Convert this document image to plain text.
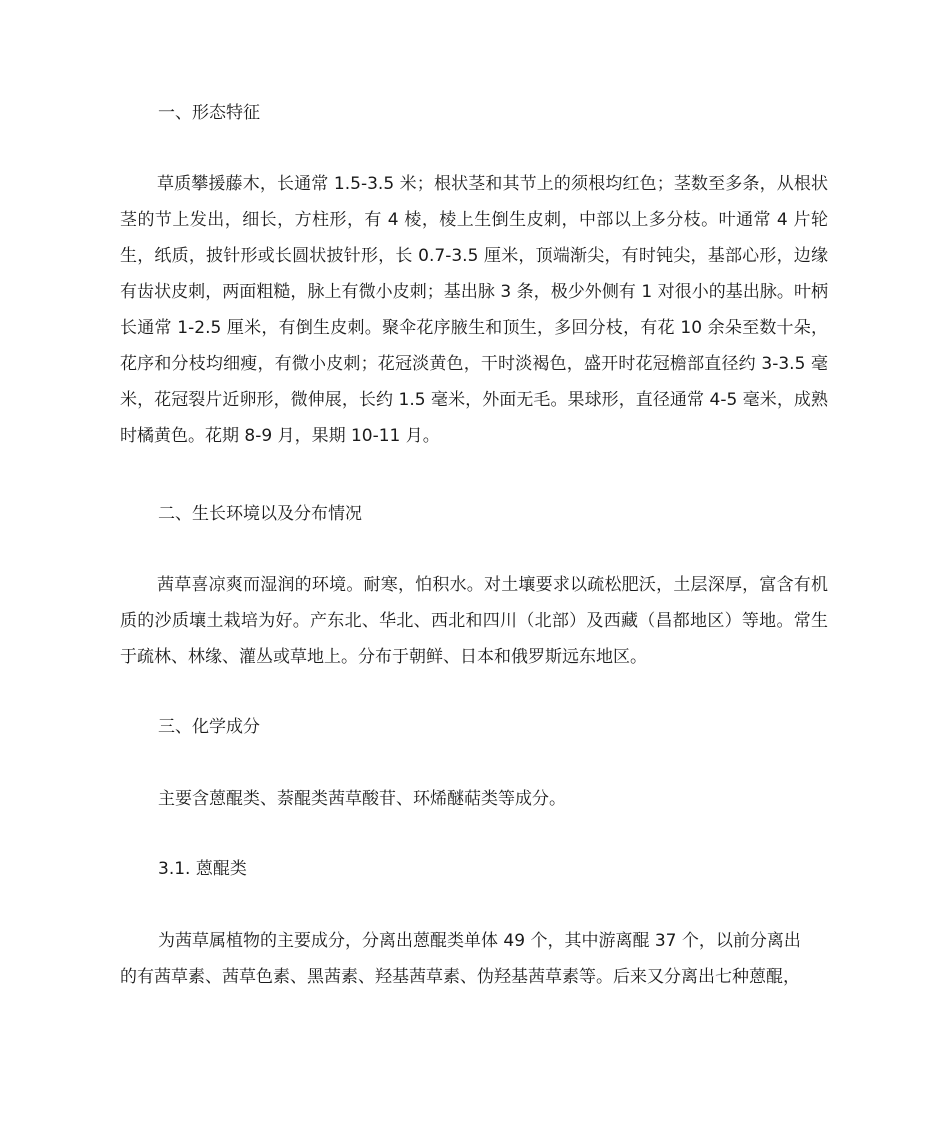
一、形态特征

草质攀援藤木，长通常 1.5-3.5 米；根状茎和其节上的须根均红色；茎数至多条，从根状茎的节上发出，细长，方柱形，有 4 棱，棱上生倒生皮刺，中部以上多分枝。叶通常 4 片轮生，纸质，披针形或长圆状披针形，长 0.7-3.5 厘米，顶端渐尖，有时钝尖，基部心形，边缘有齿状皮刺，两面粗糙，脉上有微小皮刺；基出脉 3 条，极少外侧有 1 对很小的基出脉。叶柄长通常 1-2.5 厘米，有倒生皮刺。聚伞花序腋生和顶生，多回分枝，有花 10 余朵至数十朵，花序和分枝均细瘦，有微小皮刺；花冠淡黄色，干时淡褐色，盛开时花冠檐部直径约 3-3.5 毫米，花冠裂片近卵形，微伸展，长约 1.5 毫米，外面无毛。果球形，直径通常 4-5 毫米，成熟时橘黄色。花期 8-9 月，果期 10-11 月。

二、生长环境以及分布情况

茜草喜凉爽而湿润的环境。耐寒，怕积水。对土壤要求以疏松肥沃，土层深厚，富含有机质的沙质壤土栽培为好。产东北、华北、西北和四川（北部）及西藏（昌都地区）等地。常生于疏林、林缘、灌丛或草地上。分布于朝鲜、日本和俄罗斯远东地区。

三、化学成分
主要含蒽醌类、萘醌类茜草酸苷、环烯醚萜类等成分。
3.1. 蒽醌类
为茜草属植物的主要成分，分离出蒽醌类单体 49 个，其中游离醌 37 个，以前分离出
的有茜草素、茜草色素、黑茜素、羟基茜草素、伪羟基茜草素等。后来又分离出七种蒽醌，
